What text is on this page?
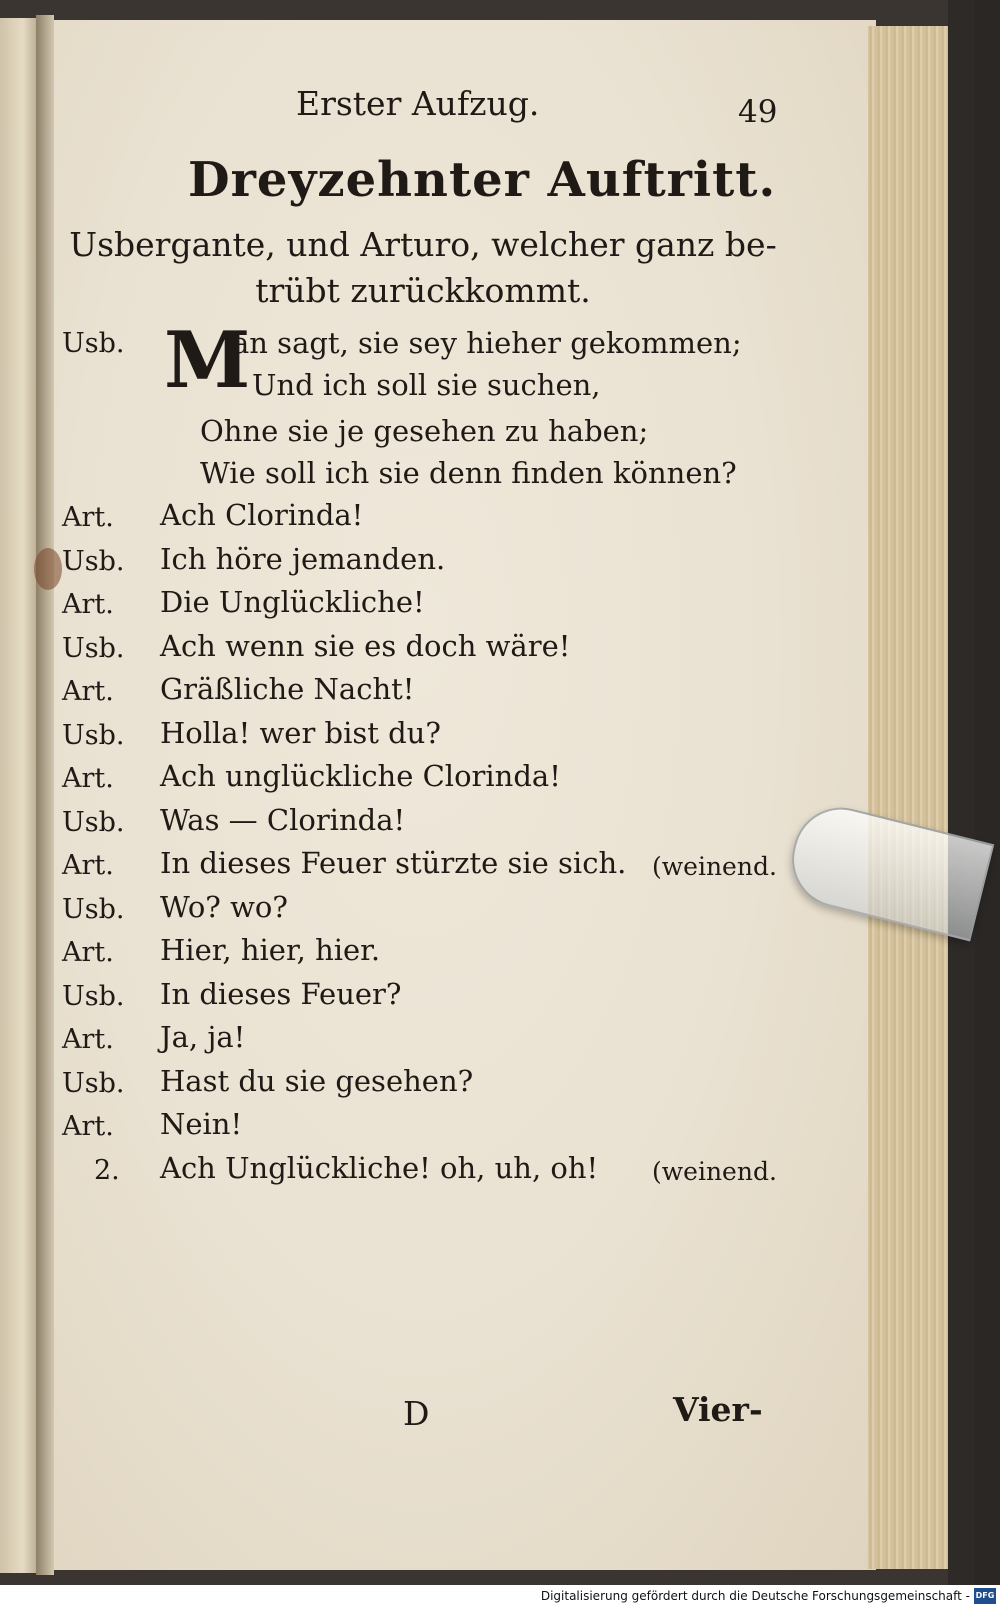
Erster Aufzug.	49
Dreyzehnter Auftritt.
Usbergante, und Arturo, welcher ganz be- trübt zurückkommt.
Usb. M
an sagt, sie sey hieher gekommen;
Und ich soll sie suchen,
Ohne sie je gesehen zu haben;
Wie soll ich sie denn finden können?
Art. Ach Clorinda!
Usb. Ich höre jemanden.
Art. Die Unglückliche!
Usb. Ach wenn sie es doch wäre!
Art. Gräßliche Nacht!
Usb. Holla! wer bist du?
Art. Ach unglückliche Clorinda!
Usb. Was — Clorinda!
Art. In dieses Feuer stürzte sie sich. (weinend.
Usb. Wo? wo?
Art. Hier, hier, hier.
Usb. In dieses Feuer?
Art. Ja, ja!
Usb. Hast du sie gesehen?
Art. Nein!
2. Ach Unglückliche! oh, uh, oh! (weinend.
D	Vier-
Digitalisierung gefördert durch die Deutsche Forschungsgemeinschaft - DFG
